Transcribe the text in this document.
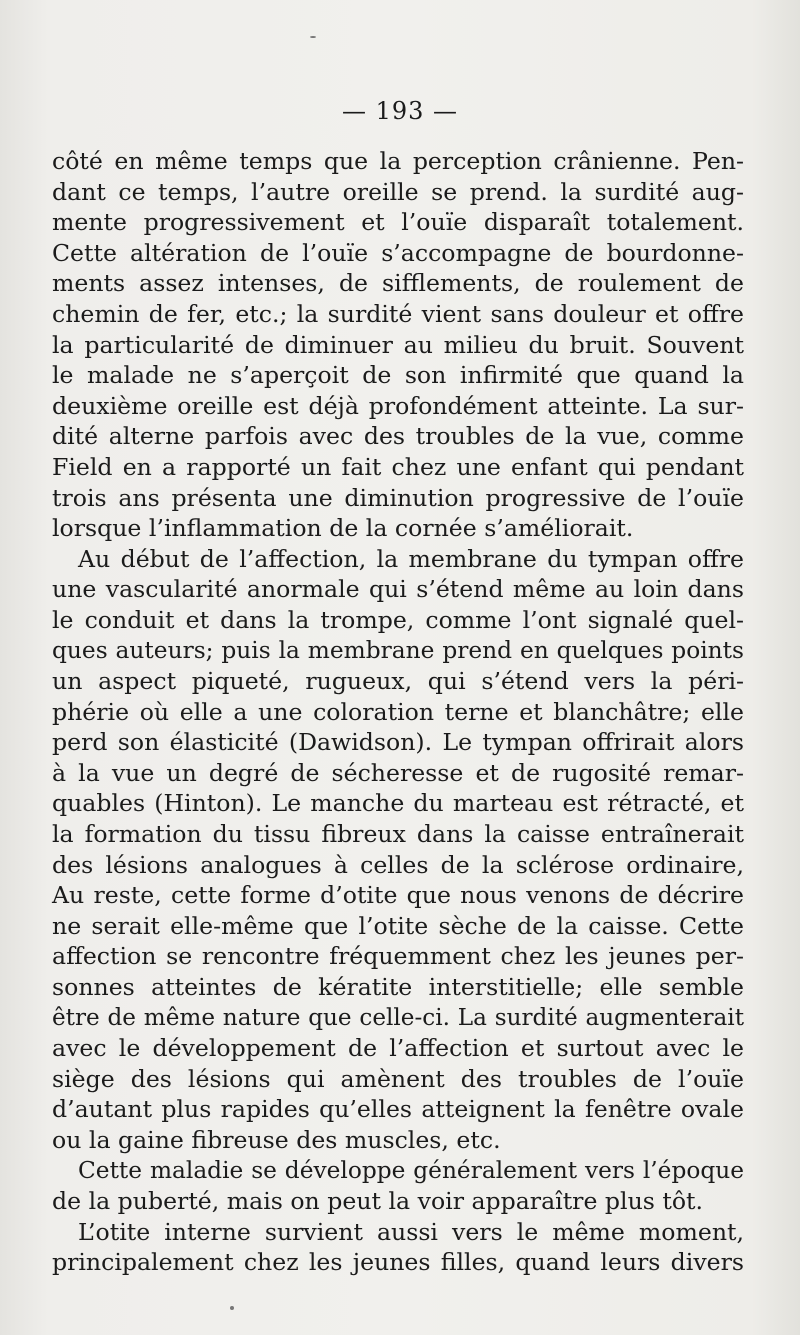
— 193 —
côté en même temps que la perception crânienne. Pen-
dant ce temps, l’autre oreille se prend. la surdité aug-
mente progressivement et l’ouïe disparaît totalement.
Cette altération de l’ouïe s’accompagne de bourdonne-
ments assez intenses, de sifflements, de roulement de
chemin de fer, etc.; la surdité vient sans douleur et offre
la particularité de diminuer au milieu du bruit. Souvent
le malade ne s’aperçoit de son infirmité que quand la
deuxième oreille est déjà profondément atteinte. La sur-
dité alterne parfois avec des troubles de la vue, comme
Field en a rapporté un fait chez une enfant qui pendant
trois ans présenta une diminution progressive de l’ouïe
lorsque l’inflammation de la cornée s’améliorait.
Au début de l’affection, la membrane du tympan offre
une vascularité anormale qui s’étend même au loin dans
le conduit et dans la trompe, comme l’ont signalé quel-
ques auteurs; puis la membrane prend en quelques points
un aspect piqueté, rugueux, qui s’étend vers la péri-
phérie où elle a une coloration terne et blanchâtre; elle
perd son élasticité (Dawidson). Le tympan offrirait alors
à la vue un degré de sécheresse et de rugosité remar-
quables (Hinton). Le manche du marteau est rétracté, et
la formation du tissu fibreux dans la caisse entraînerait
des lésions analogues à celles de la sclérose ordinaire,
Au reste, cette forme d’otite que nous venons de décrire
ne serait elle-même que l’otite sèche de la caisse. Cette
affection se rencontre fréquemment chez les jeunes per-
sonnes atteintes de kératite interstitielle; elle semble
être de même nature que celle-ci. La surdité augmenterait
avec le développement de l’affection et surtout avec le
siège des lésions qui amènent des troubles de l’ouïe
d’autant plus rapides qu’elles atteignent la fenêtre ovale
ou la gaine fibreuse des muscles, etc.
Cette maladie se développe généralement vers l’époque
de la puberté, mais on peut la voir apparaître plus tôt.
L’otite interne survient aussi vers le même moment,
principalement chez les jeunes filles, quand leurs divers
